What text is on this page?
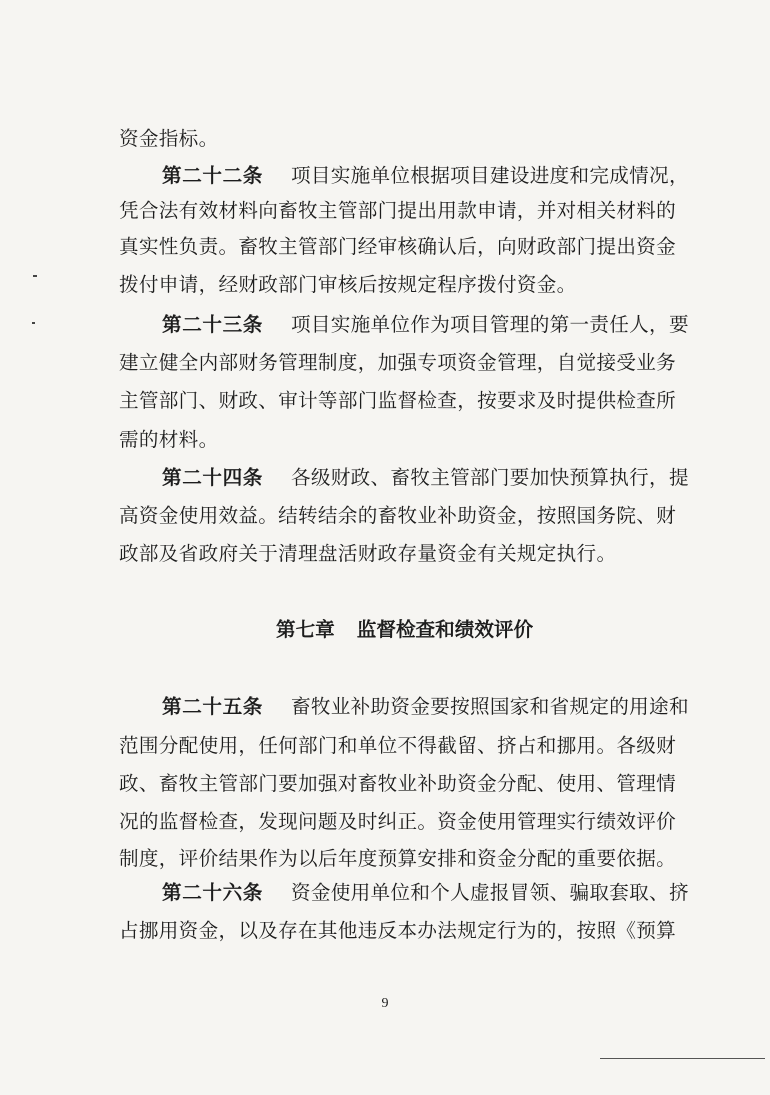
资金指标。
第二十二条 项目实施单位根据项目建设进度和完成情况，
凭合法有效材料向畜牧主管部门提出用款申请，并对相关材料的
真实性负责。畜牧主管部门经审核确认后，向财政部门提出资金
拨付申请，经财政部门审核后按规定程序拨付资金。
第二十三条 项目实施单位作为项目管理的第一责任人，要
建立健全内部财务管理制度，加强专项资金管理，自觉接受业务
主管部门、财政、审计等部门监督检查，按要求及时提供检查所
需的材料。
第二十四条 各级财政、畜牧主管部门要加快预算执行，提
高资金使用效益。结转结余的畜牧业补助资金，按照国务院、财
政部及省政府关于清理盘活财政存量资金有关规定执行。
第七章 监督检查和绩效评价
第二十五条 畜牧业补助资金要按照国家和省规定的用途和
范围分配使用，任何部门和单位不得截留、挤占和挪用。各级财
政、畜牧主管部门要加强对畜牧业补助资金分配、使用、管理情
况的监督检查，发现问题及时纠正。资金使用管理实行绩效评价
制度，评价结果作为以后年度预算安排和资金分配的重要依据。
第二十六条 资金使用单位和个人虚报冒领、骗取套取、挤
占挪用资金，以及存在其他违反本办法规定行为的，按照《预算
9
